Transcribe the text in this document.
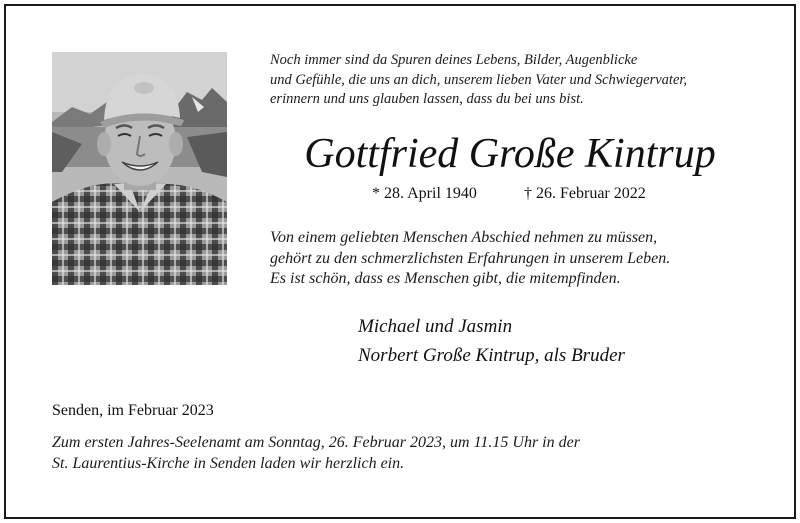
Noch immer sind da Spuren deines Lebens, Bilder, Augenblicke
und Gefühle, die uns an dich, unserem lieben Vater und Schwiegervater,
erinnern und uns glauben lassen, dass du bei uns bist.
Gottfried Große Kintrup
* 28. April 1940	† 26. Februar 2022
Von einem geliebten Menschen Abschied nehmen zu müssen,
gehört zu den schmerzlichsten Erfahrungen in unserem Leben.
Es ist schön, dass es Menschen gibt, die mitempfinden.
Michael und Jasmin
Norbert Große Kintrup, als Bruder
Senden, im Februar 2023
Zum ersten Jahres-Seelenamt am Sonntag, 26. Februar 2023, um 11.15 Uhr in der
St. Laurentius-Kirche in Senden laden wir herzlich ein.
